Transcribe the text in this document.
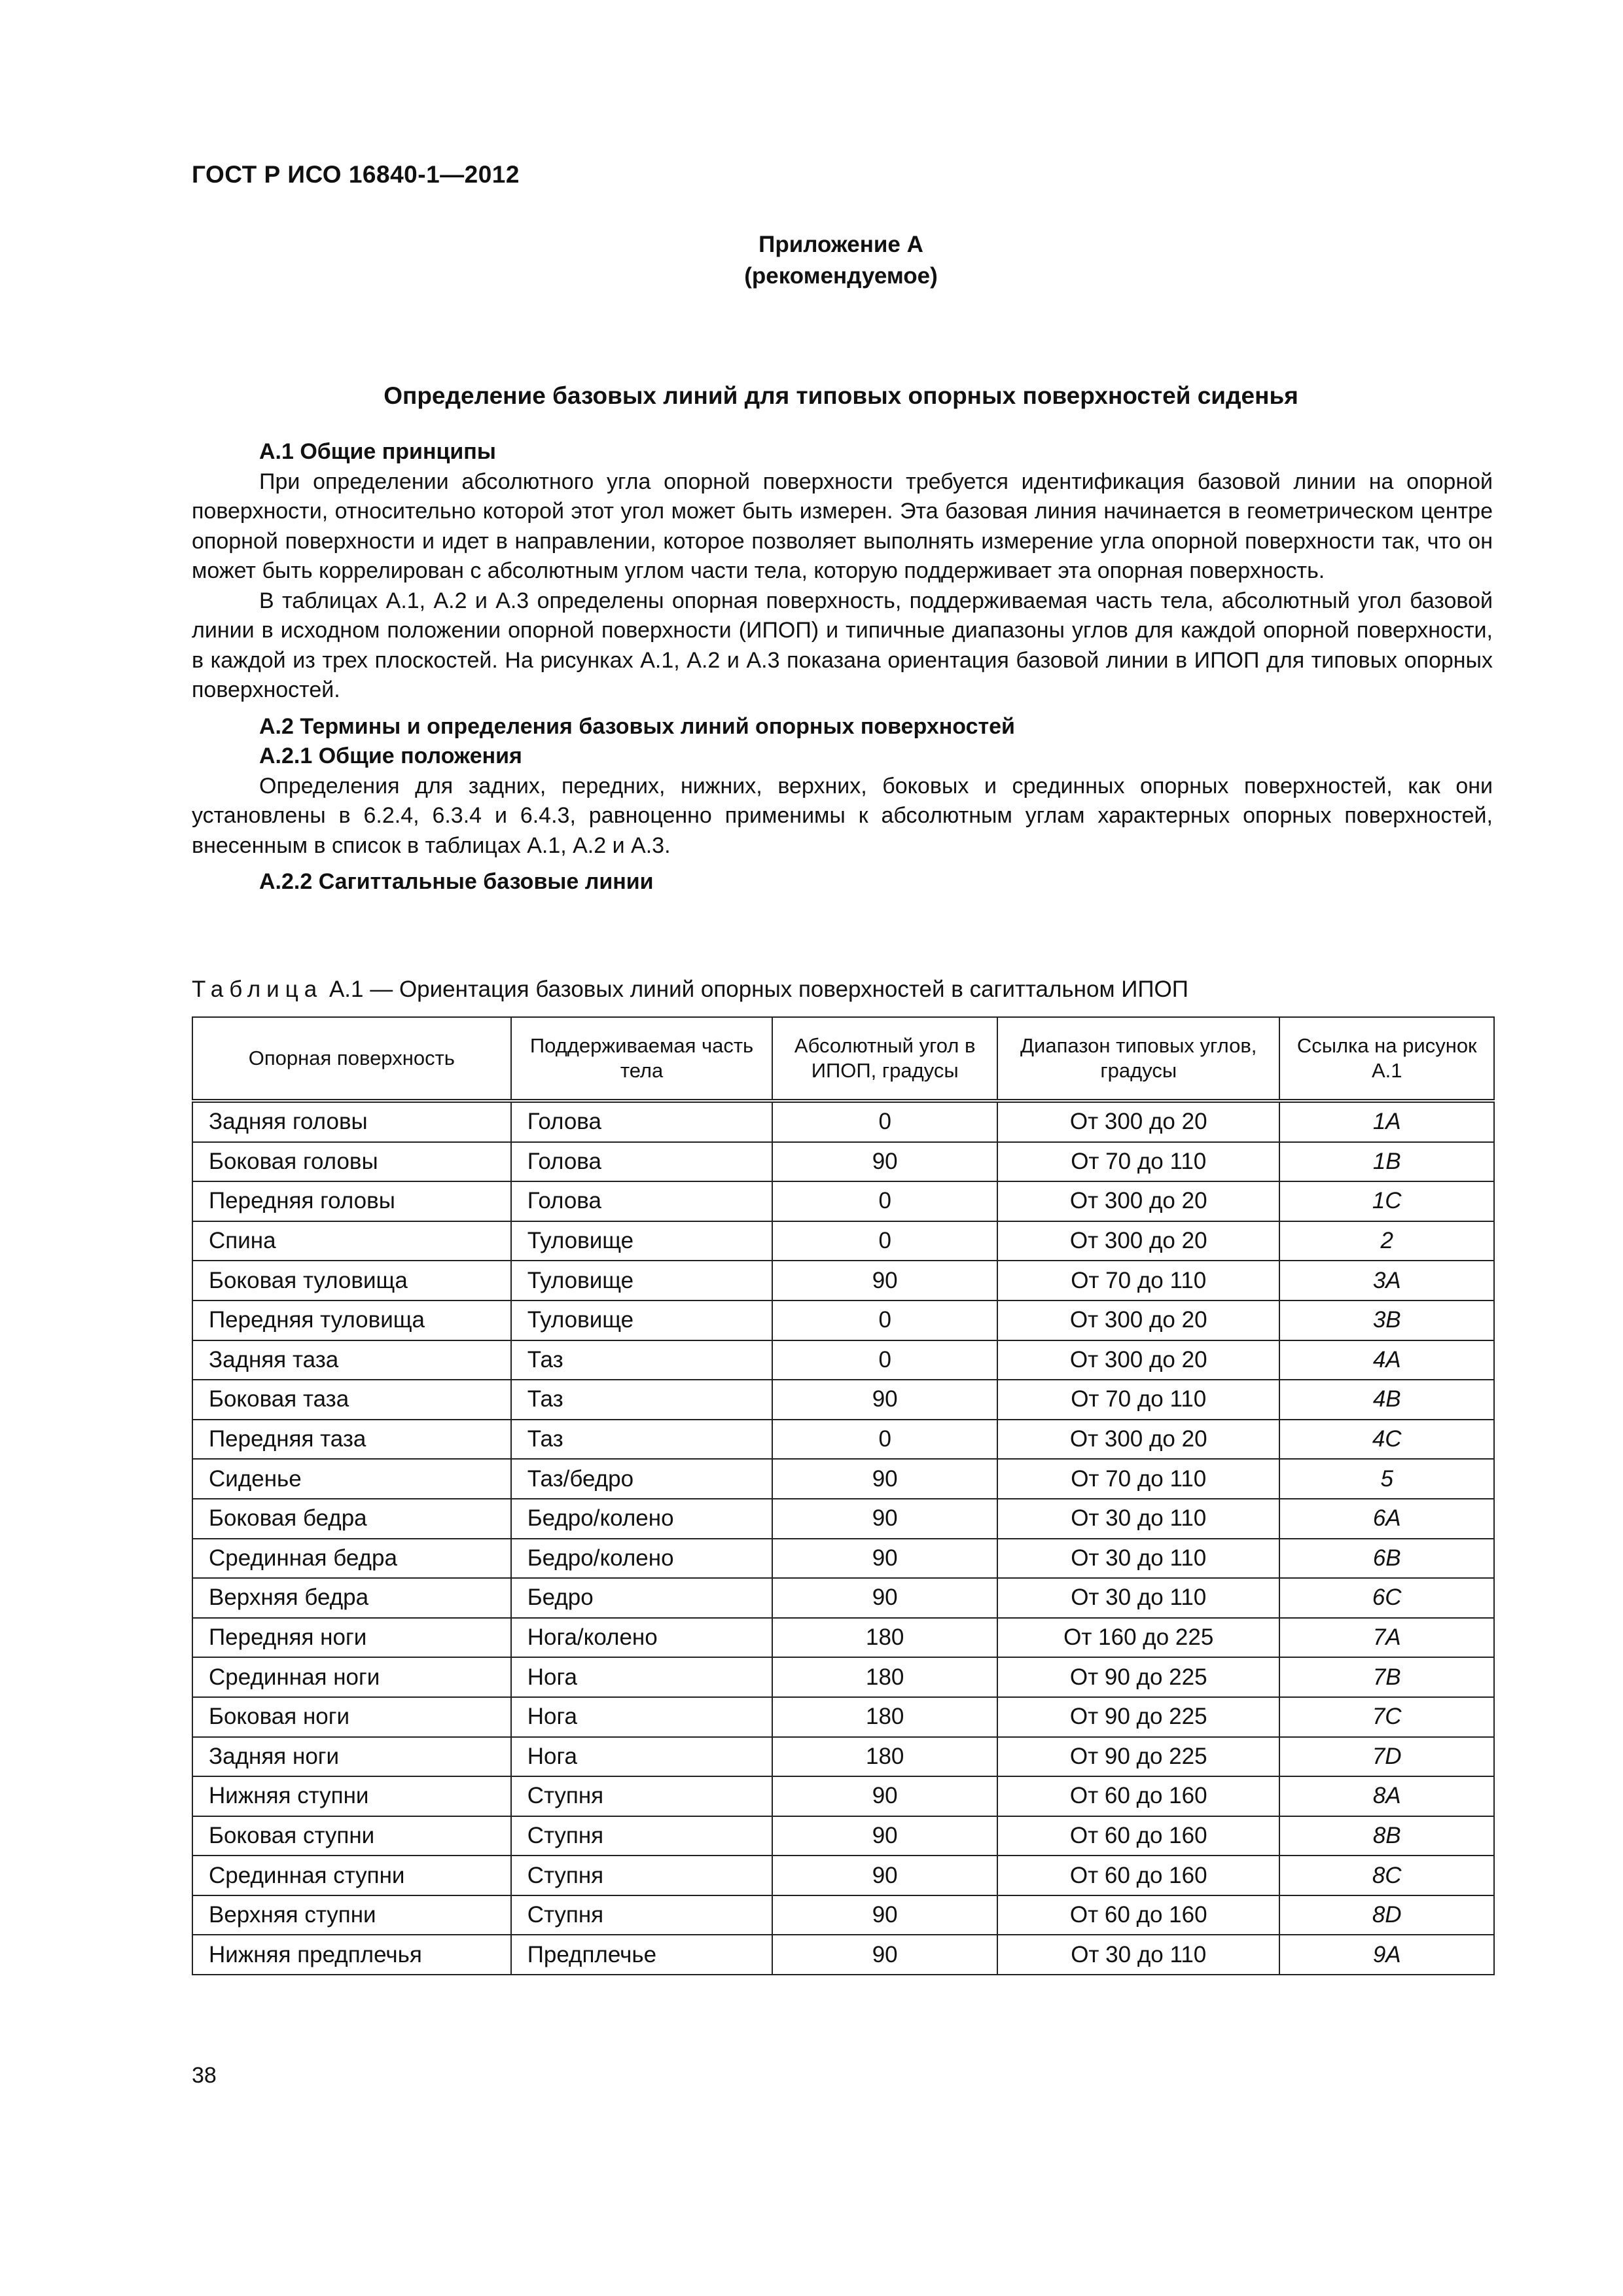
ГОСТ Р ИСО 16840-1—2012
Приложение А
(рекомендуемое)
Определение базовых линий для типовых опорных поверхностей сиденья
А.1 Общие принципы

При определении абсолютного угла опорной поверхности требуется идентификация базовой линии на опорной поверхности, относительно которой этот угол может быть измерен. Эта базовая линия начинается в геометрическом центре опорной поверхности и идет в направлении, которое позволяет выполнять измерение угла опорной поверхности так, что он может быть коррелирован с абсолютным углом части тела, которую поддерживает эта опорная поверхность.

В таблицах А.1, А.2 и А.3 определены опорная поверхность, поддерживаемая часть тела, абсолютный угол базовой линии в исходном положении опорной поверхности (ИПОП) и типичные диапазоны углов для каждой опорной поверхности, в каждой из трех плоскостей. На рисунках А.1, А.2 и А.3 показана ориентация базовой линии в ИПОП для типовых опорных поверхностей.

А.2 Термины и определения базовых линий опорных поверхностей
А.2.1 Общие положения

Определения для задних, передних, нижних, верхних, боковых и срединных опорных поверхностей, как они установлены в 6.2.4, 6.3.4 и 6.4.3, равноценно применимы к абсолютным углам характерных опорных поверхностей, внесенным в список в таблицах А.1, А.2 и А.3.

А.2.2 Сагиттальные базовые линии
Таблица А.1 — Ориентация базовых линий опорных поверхностей в сагиттальном ИПОП
Опорная поверхность	Поддерживаемая часть тела	Абсолютный угол в ИПОП, градусы	Диапазон типовых углов, градусы	Ссылка на рисунок А.1
Задняя головы	Голова	0	От 300 до 20	1A
Боковая головы	Голова	90	От 70 до 110	1B
Передняя головы	Голова	0	От 300 до 20	1C
Спина	Туловище	0	От 300 до 20	2
Боковая туловища	Туловище	90	От 70 до 110	3A
Передняя туловища	Туловище	0	От 300 до 20	3B
Задняя таза	Таз	0	От 300 до 20	4A
Боковая таза	Таз	90	От 70 до 110	4B
Передняя таза	Таз	0	От 300 до 20	4C
Сиденье	Таз/бедро	90	От 70 до 110	5
Боковая бедра	Бедро/колено	90	От 30 до 110	6A
Срединная бедра	Бедро/колено	90	От 30 до 110	6B
Верхняя бедра	Бедро	90	От 30 до 110	6C
Передняя ноги	Нога/колено	180	От 160 до 225	7A
Срединная ноги	Нога	180	От 90 до 225	7B
Боковая ноги	Нога	180	От 90 до 225	7C
Задняя ноги	Нога	180	От 90 до 225	7D
Нижняя ступни	Ступня	90	От 60 до 160	8A
Боковая ступни	Ступня	90	От 60 до 160	8B
Срединная ступни	Ступня	90	От 60 до 160	8C
Верхняя ступни	Ступня	90	От 60 до 160	8D
Нижняя предплечья	Предплечье	90	От 30 до 110	9A
38
